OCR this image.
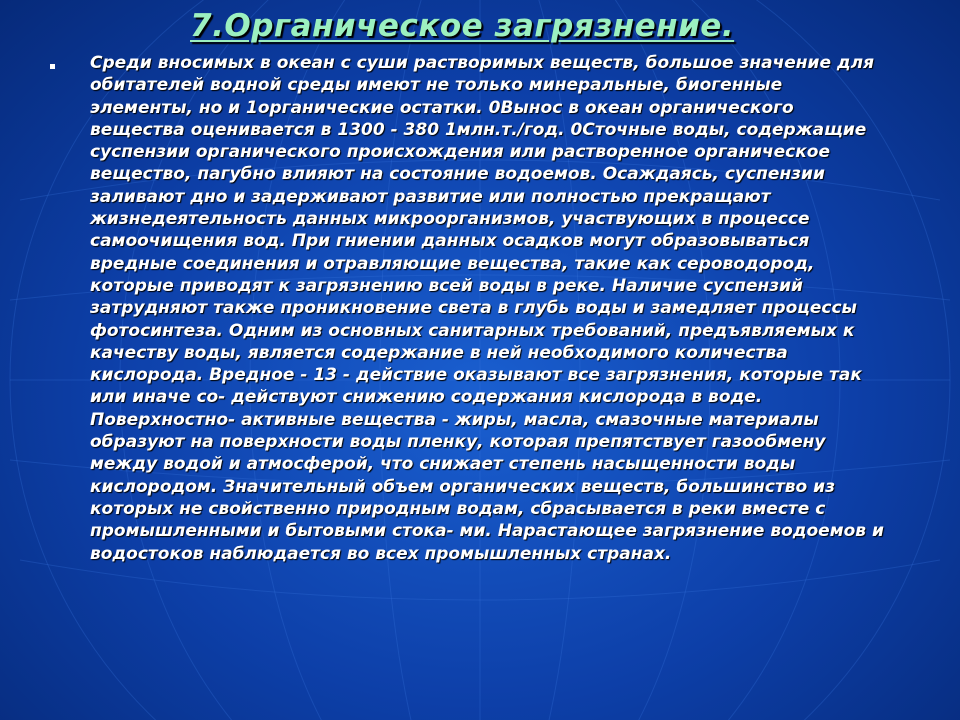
7.Органическое загрязнение.

Среди вносимых в океан с суши растворимых веществ, большое значение для обитателей водной среды имеют не только минеральные, биогенные элементы, но и 1органические остатки. 0Вынос в океан органического вещества оценивается в 1300 - 380 1млн.т./год. 0Сточные воды, содержащие суспензии органического происхождения или растворенное органическое вещество, пагубно влияют на состояние водоемов. Осаждаясь, суспензии заливают дно и задерживают развитие или полностью прекращают жизнедеятельность данных микроорганизмов, участвующих в процессе самоочищения вод. При гниении данных осадков могут образовываться вредные соединения и отравляющие вещества, такие как сероводород, которые приводят к загрязнению всей воды в реке. Наличие суспензий затрудняют также проникновение света в глубь воды и замедляет процессы фотосинтеза. Одним из основных санитарных требований, предъявляемых к качеству воды, является содержание в ней необходимого количества кислорода. Вредное - 13 - действие оказывают все загрязнения, которые так или иначе со- действуют снижению содержания кислорода в воде. Поверхностно- активные вещества - жиры, масла, смазочные материалы образуют на поверхности воды пленку, которая препятствует газообмену между водой и атмосферой, что снижает степень насыщенности воды кислородом. Значительный объем органических веществ, большинство из которых не свойственно природным водам, сбрасывается в реки вместе с промышленными и бытовыми стока- ми. Нарастающее загрязнение водоемов и водостоков наблюдается во всех промышленных странах.
